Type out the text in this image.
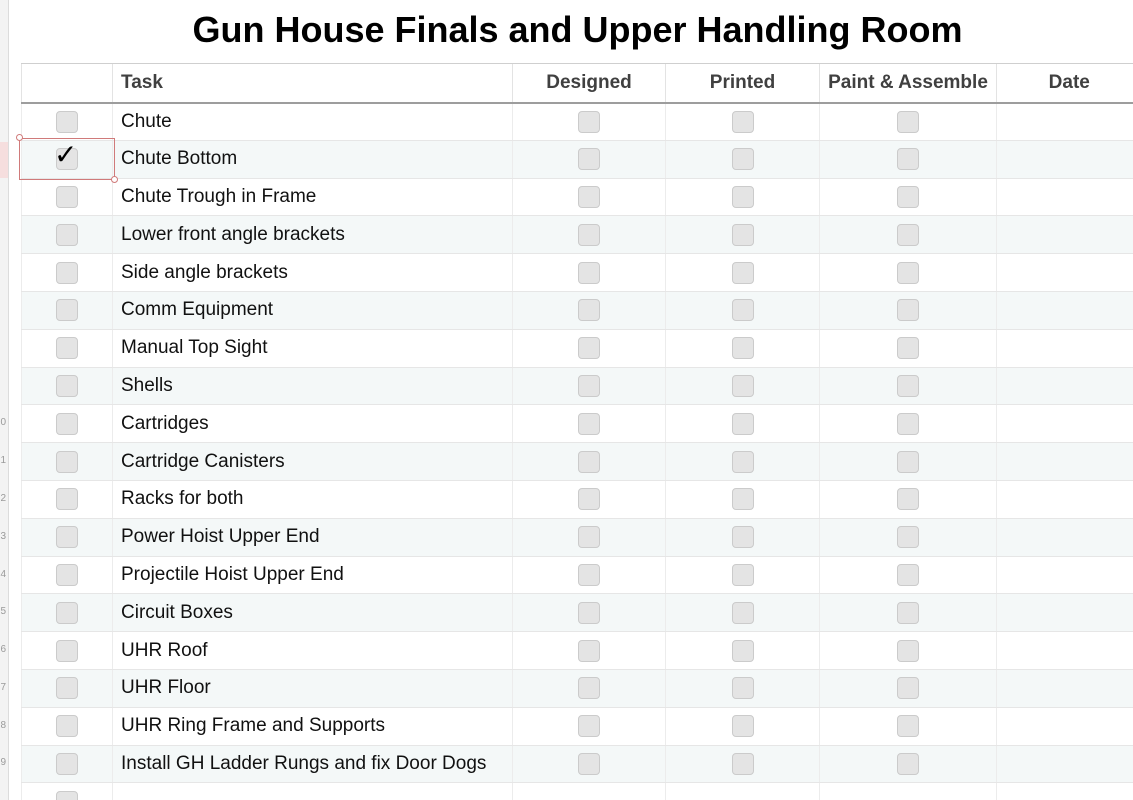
0
1
2
3
4
5
6
7
8
9
Gun House Finals and Upper Handling Room
	Task	Designed	Printed	Paint & Assemble	Date
	Chute				

✓	Chute Bottom				
	Chute Trough in Frame				
	Lower front angle brackets				
	Side angle brackets				
	Comm Equipment				
	Manual Top Sight				
	Shells				
	Cartridges				
	Cartridge Canisters				
	Racks for both				
	Power Hoist Upper End				
	Projectile Hoist Upper End				
	Circuit Boxes				
	UHR Roof				
	UHR Floor				
	UHR Ring Frame and Supports				
	Install GH Ladder Rungs and fix Door Dogs				
